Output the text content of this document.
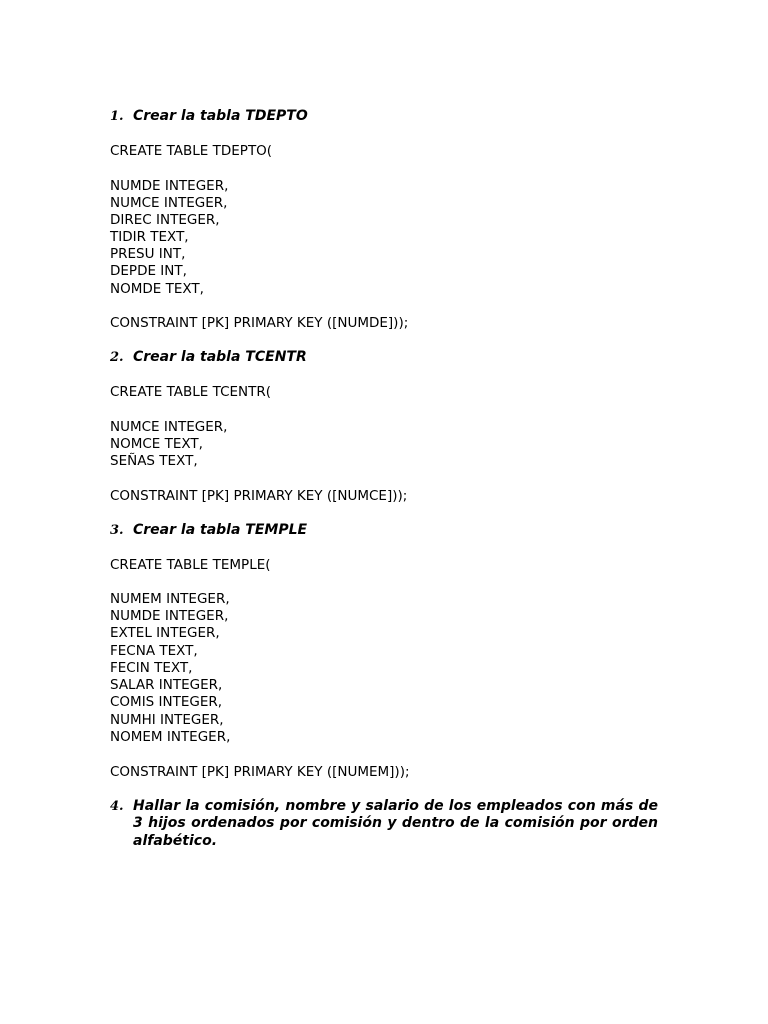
1. Crear la tabla TDEPTO
CREATE TABLE TDEPTO(
NUMDE INTEGER,
NUMCE INTEGER,
DIREC INTEGER,
TIDIR TEXT,
PRESU INT,
DEPDE INT,
NOMDE TEXT,
CONSTRAINT [PK] PRIMARY KEY ([NUMDE]));
2. Crear la tabla TCENTR
CREATE TABLE TCENTR(
NUMCE INTEGER,
NOMCE TEXT,
SEÑAS TEXT,
CONSTRAINT [PK] PRIMARY KEY ([NUMCE]));
3. Crear la tabla TEMPLE
CREATE TABLE TEMPLE(
NUMEM INTEGER,
NUMDE INTEGER,
EXTEL INTEGER,
FECNA TEXT,
FECIN TEXT,
SALAR INTEGER,
COMIS INTEGER,
NUMHI INTEGER,
NOMEM INTEGER,
CONSTRAINT [PK] PRIMARY KEY ([NUMEM]));
4. Hallar la comisión, nombre y salario de los empleados con más de 3 hijos ordenados por comisión y dentro de la comisión por orden alfabético.
